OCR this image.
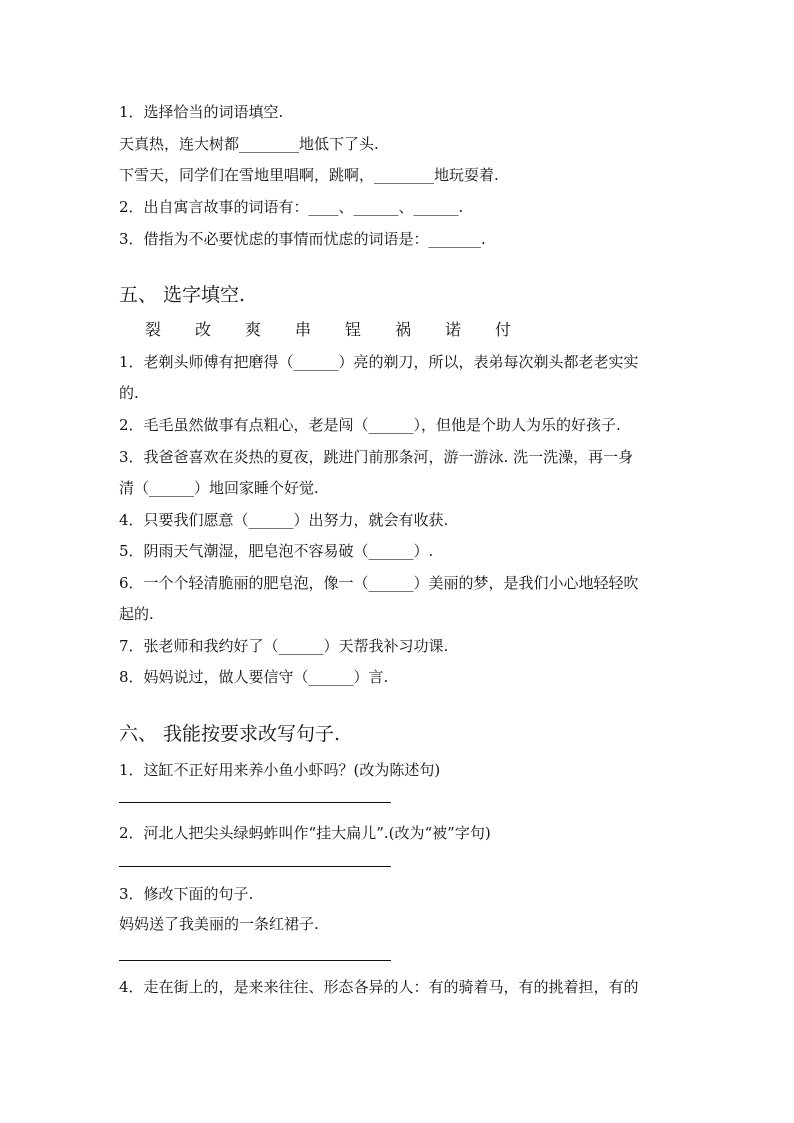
1．选择恰当的词语填空.
天真热，连大树都________地低下了头.
下雪天，同学们在雪地里唱啊，跳啊，________地玩耍着.
2．出自寓言故事的词语有：____、______、______.
3．借指为不必要忧虑的事情而忧虑的词语是：_______.
五、 选字填空.
裂 改 爽 串 锃 祸 诺 付
1．老剃头师傅有把磨得（______）亮的剃刀，所以，表弟每次剃头都老老实实
的.
2．毛毛虽然做事有点粗心，老是闯（______），但他是个助人为乐的好孩子.
3．我爸爸喜欢在炎热的夏夜，跳进门前那条河，游一游泳. 洗一洗澡，再一身
清（______）地回家睡个好觉.
4．只要我们愿意（______）出努力，就会有收获.
5．阴雨天气潮湿，肥皂泡不容易破（______）.
6．一个个轻清脆丽的肥皂泡，像一（______）美丽的梦，是我们小心地轻轻吹
起的.
7．张老师和我约好了（______）天帮我补习功课.
8．妈妈说过，做人要信守（______）言.
六、 我能按要求改写句子.
1．这缸不正好用来养小鱼小虾吗？(改为陈述句)
2．河北人把尖头绿蚂蚱叫作“挂大扁儿”.(改为“被”字句)
3．修改下面的句子.
妈妈送了我美丽的一条红裙子.
4．走在街上的，是来来往往、形态各异的人：有的骑着马，有的挑着担，有的
